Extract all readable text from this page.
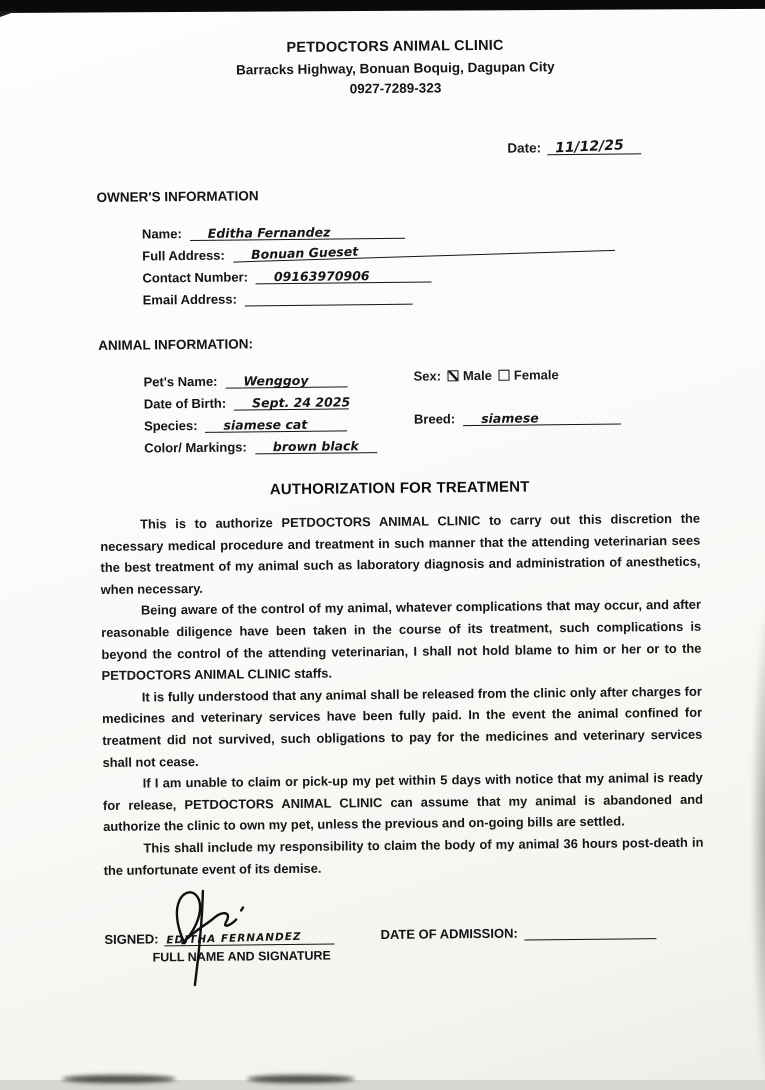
PETDOCTORS ANIMAL CLINIC
Barracks Highway, Bonuan Boquig, Dagupan City
0927-7289-323
Date: 11/12/25
OWNER'S INFORMATION
Name: Editha Fernandez
Full Address: Bonuan Gueset
Contact Number: 09163970906
Email Address:
ANIMAL INFORMATION:
Pet's Name: Wenggoy
Date of Birth: Sept. 24 2025
Species: siamese cat
Color/ Markings: brown black
Sex: Male Female
Breed: siamese
AUTHORIZATION FOR TREATMENT

This is to authorize PETDOCTORS ANIMAL CLINIC to carry out this discretion the necessary medical procedure and treatment in such manner that the attending veterinarian sees the best treatment of my animal such as laboratory diagnosis and administration of anesthetics, when necessary.

Being aware of the control of my animal, whatever complications that may occur, and after reasonable diligence have been taken in the course of its treatment, such complications is beyond the control of the attending veterinarian, I shall not hold blame to him or her or to the PETDOCTORS ANIMAL CLINIC staffs.

It is fully understood that any animal shall be released from the clinic only after charges for medicines and veterinary services have been fully paid. In the event the animal confined for treatment did not survived, such obligations to pay for the medicines and veterinary services shall not cease.

If I am unable to claim or pick-up my pet within 5 days with notice that my animal is ready for release, PETDOCTORS ANIMAL CLINIC can assume that my animal is abandoned and authorize the clinic to own my pet, unless the previous and on-going bills are settled.

This shall include my responsibility to claim the body of my animal 36 hours post-death in the unfortunate event of its demise.

SIGNED: EDITHA FERNANDEZ
FULL NAME AND SIGNATURE
DATE OF ADMISSION:
